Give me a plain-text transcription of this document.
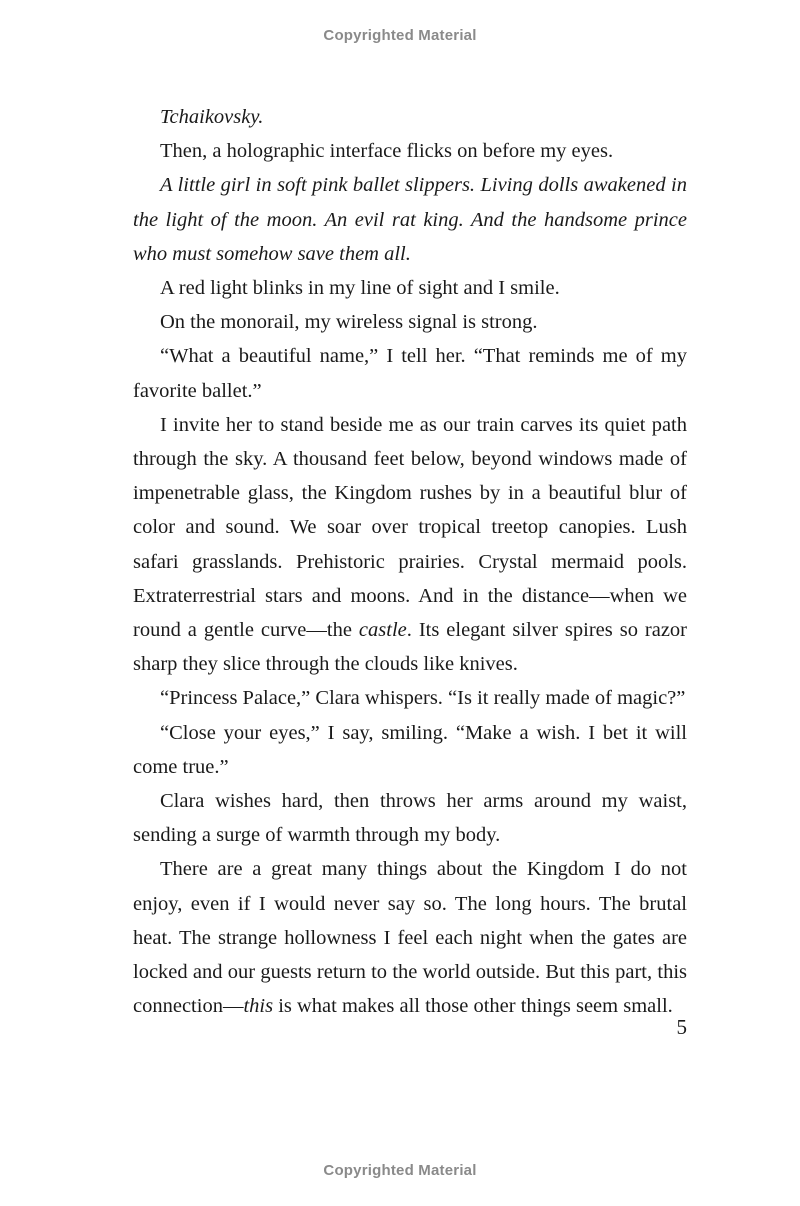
Copyrighted Material

Tchaikovsky.

Then, a holographic interface flicks on before my eyes.

A little girl in soft pink ballet slippers. Living dolls awakened in the light of the moon. An evil rat king. And the handsome prince who must somehow save them all.

A red light blinks in my line of sight and I smile.

On the monorail, my wireless signal is strong.

“What a beautiful name,” I tell her. “That reminds me of my favorite ballet.”

I invite her to stand beside me as our train carves its quiet path through the sky. A thousand feet below, beyond windows made of impenetrable glass, the Kingdom rushes by in a beautiful blur of color and sound. We soar over tropical treetop canopies. Lush safari grasslands. Prehistoric prairies. Crystal mermaid pools. Extraterrestrial stars and moons. And in the distance—when we round a gentle curve—the castle. Its elegant silver spires so razor sharp they slice through the clouds like knives.

“Princess Palace,” Clara whispers. “Is it really made of magic?”

“Close your eyes,” I say, smiling. “Make a wish. I bet it will come true.”

Clara wishes hard, then throws her arms around my waist, sending a surge of warmth through my body.

There are a great many things about the Kingdom I do not enjoy, even if I would never say so. The long hours. The brutal heat. The strange hollowness I feel each night when the gates are locked and our guests return to the world outside. But this part, this connection—this is what makes all those other things seem small.

5
Copyrighted Material
